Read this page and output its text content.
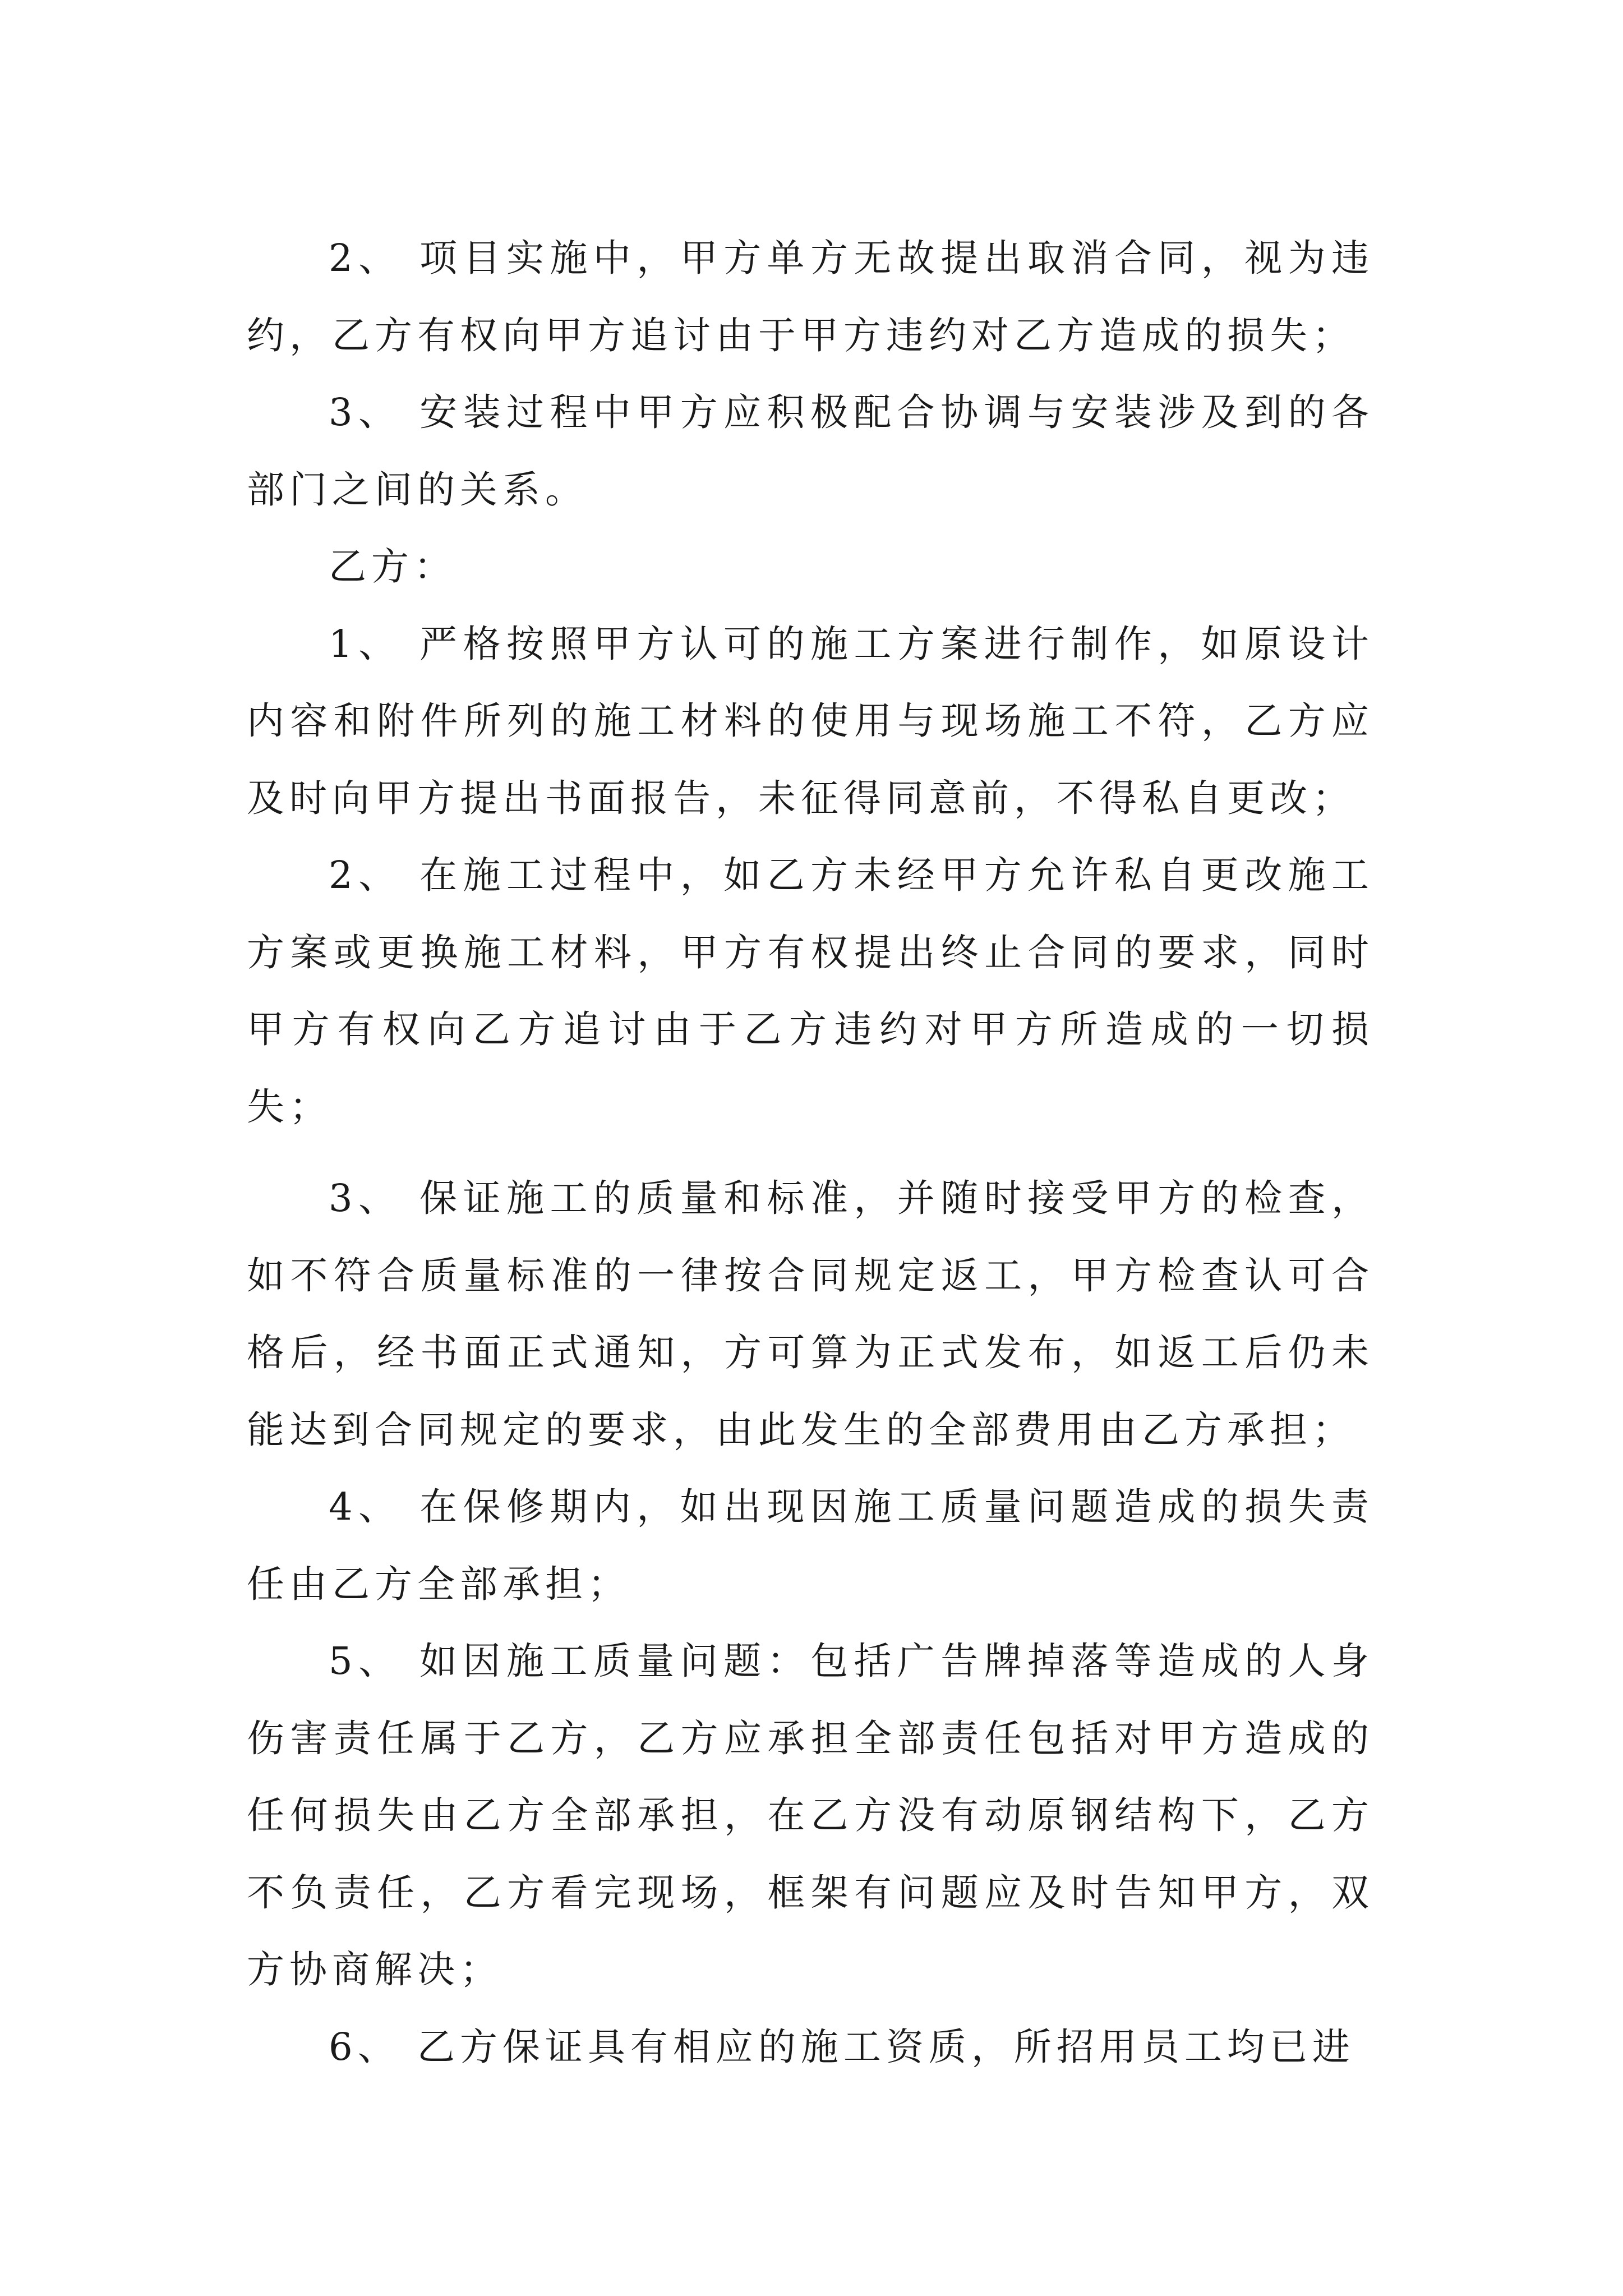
2、 项目实施中，甲方单方无故提出取消合同，视为违约，乙方有权向甲方追讨由于甲方违约对乙方造成的损失；

3、 安装过程中甲方应积极配合协调与安装涉及到的各部门之间的关系。

乙方：

1、 严格按照甲方认可的施工方案进行制作，如原设计内容和附件所列的施工材料的使用与现场施工不符，乙方应及时向甲方提出书面报告，未征得同意前，不得私自更改；

2、 在施工过程中，如乙方未经甲方允许私自更改施工方案或更换施工材料，甲方有权提出终止合同的要求，同时甲方有权向乙方追讨由于乙方违约对甲方所造成的一切损失；

3、 保证施工的质量和标准，并随时接受甲方的检查，如不符合质量标准的一律按合同规定返工，甲方检查认可合格后，经书面正式通知，方可算为正式发布，如返工后仍未能达到合同规定的要求，由此发生的全部费用由乙方承担；

4、 在保修期内，如出现因施工质量问题造成的损失责任由乙方全部承担；

5、 如因施工质量问题：包括广告牌掉落等造成的人身伤害责任属于乙方，乙方应承担全部责任包括对甲方造成的任何损失由乙方全部承担，在乙方没有动原钢结构下，乙方不负责任，乙方看完现场，框架有问题应及时告知甲方，双方协商解决；

6、 乙方保证具有相应的施工资质，所招用员工均已进
